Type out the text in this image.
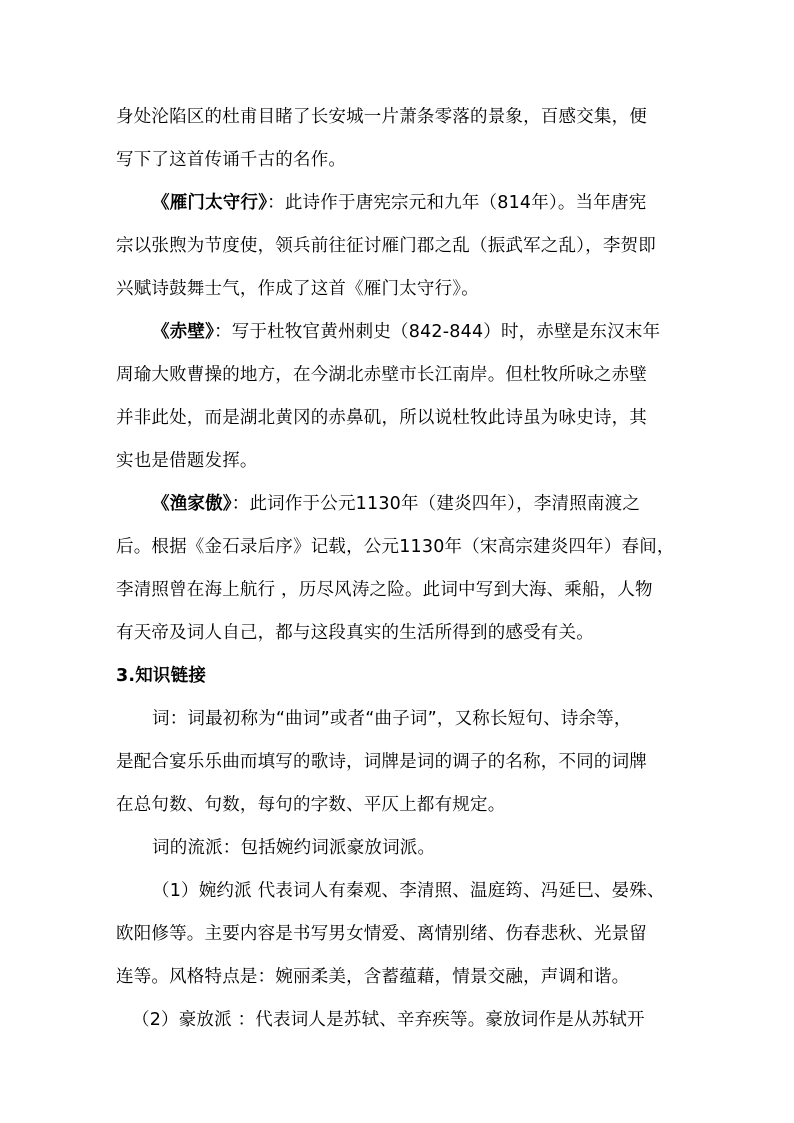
身处沦陷区的杜甫目睹了长安城一片萧条零落的景象，百感交集，便
写下了这首传诵千古的名作。
《雁门太守行》：此诗作于唐宪宗元和九年（814年）。当年唐宪
宗以张煦为节度使，领兵前往征讨雁门郡之乱（振武军之乱），李贺即
兴赋诗鼓舞士气，作成了这首《雁门太守行》。
《赤壁》：写于杜牧官黄州刺史（842-844）时，赤壁是东汉末年
周瑜大败曹操的地方，在今湖北赤壁市长江南岸。但杜牧所咏之赤壁
并非此处，而是湖北黄冈的赤鼻矶，所以说杜牧此诗虽为咏史诗，其
实也是借题发挥。
《渔家傲》：此词作于公元1130年（建炎四年），李清照南渡之
后。根据《金石录后序》记载，公元1130年（宋高宗建炎四年）春间，
李清照曾在海上航行 ，历尽风涛之险。此词中写到大海、乘船，人物
有天帝及词人自己，都与这段真实的生活所得到的感受有关。
3.知识链接
词：词最初称为“曲词”或者“曲子词”，又称长短句、诗余等，
是配合宴乐乐曲而填写的歌诗，词牌是词的调子的名称，不同的词牌
在总句数、句数，每句的字数、平仄上都有规定。
词的流派：包括婉约词派豪放词派。
（1）婉约派 代表词人有秦观、李清照、温庭筠、冯延巳、晏殊、
欧阳修等。主要内容是书写男女情爱、离情别绪、伤春悲秋、光景留
连等。风格特点是：婉丽柔美，含蓄蕴藉，情景交融，声调和谐。
（2）豪放派 ：代表词人是苏轼、辛弃疾等。豪放词作是从苏轼开
